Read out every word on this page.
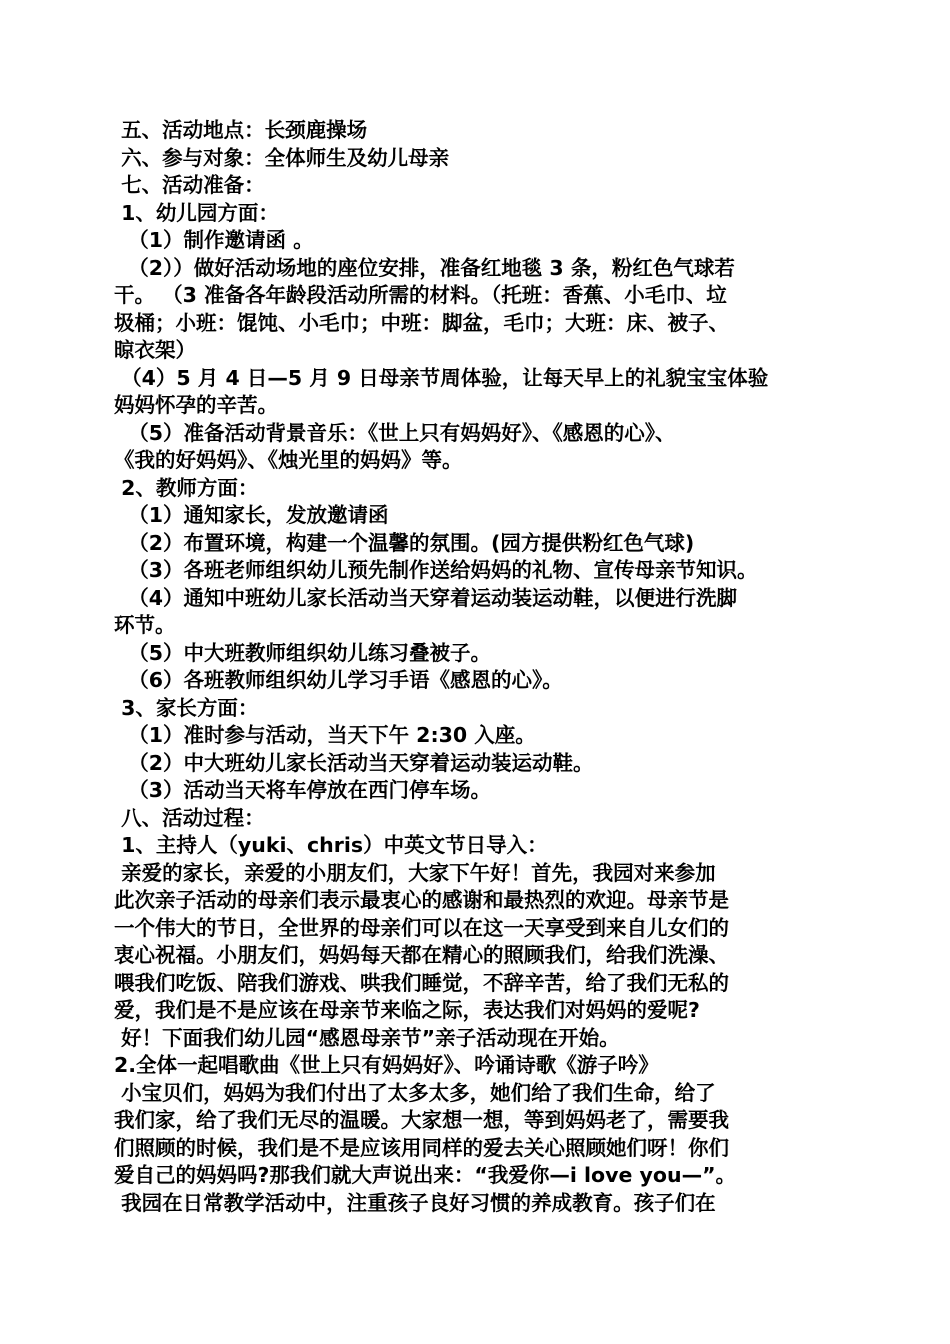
五、活动地点：长颈鹿操场
六、参与对象：全体师生及幼儿母亲
七、活动准备：
1、幼儿园方面：
（1）制作邀请函 。
（2））做好活动场地的座位安排，准备红地毯 3 条，粉红色气球若
干。 （3 准备各年龄段活动所需的材料。（托班：香蕉、小毛巾、垃
圾桶；小班：馄饨、小毛巾；中班：脚盆，毛巾；大班：床、被子、
晾衣架）
（4）5 月 4 日—5 月 9 日母亲节周体验，让每天早上的礼貌宝宝体验
妈妈怀孕的辛苦。
（5）准备活动背景音乐：《世上只有妈妈好》、《感恩的心》、
《我的好妈妈》、《烛光里的妈妈》等。
2、教师方面：
（1）通知家长，发放邀请函
（2）布置环境，构建一个温馨的氛围。(园方提供粉红色气球)
（3）各班老师组织幼儿预先制作送给妈妈的礼物、宣传母亲节知识。
（4）通知中班幼儿家长活动当天穿着运动装运动鞋，以便进行洗脚
环节。
（5）中大班教师组织幼儿练习叠被子。
（6）各班教师组织幼儿学习手语《感恩的心》。
3、家长方面：
（1）准时参与活动，当天下午 2:30 入座。
（2）中大班幼儿家长活动当天穿着运动装运动鞋。
（3）活动当天将车停放在西门停车场。
八、活动过程：
1、主持人（yuki、chris）中英文节日导入：
亲爱的家长，亲爱的小朋友们，大家下午好！首先，我园对来参加
此次亲子活动的母亲们表示最衷心的感谢和最热烈的欢迎。母亲节是
一个伟大的节日，全世界的母亲们可以在这一天享受到来自儿女们的
衷心祝福。小朋友们，妈妈每天都在精心的照顾我们，给我们洗澡、
喂我们吃饭、陪我们游戏、哄我们睡觉，不辞辛苦，给了我们无私的
爱，我们是不是应该在母亲节来临之际，表达我们对妈妈的爱呢?
好！下面我们幼儿园“感恩母亲节”亲子活动现在开始。
2.全体一起唱歌曲《世上只有妈妈好》、吟诵诗歌《游子吟》
小宝贝们，妈妈为我们付出了太多太多，她们给了我们生命，给了
我们家，给了我们无尽的温暖。大家想一想，等到妈妈老了，需要我
们照顾的时候，我们是不是应该用同样的爱去关心照顾她们呀！你们
爱自己的妈妈吗?那我们就大声说出来：“我爱你—i love you—”。
我园在日常教学活动中，注重孩子良好习惯的养成教育。孩子们在
